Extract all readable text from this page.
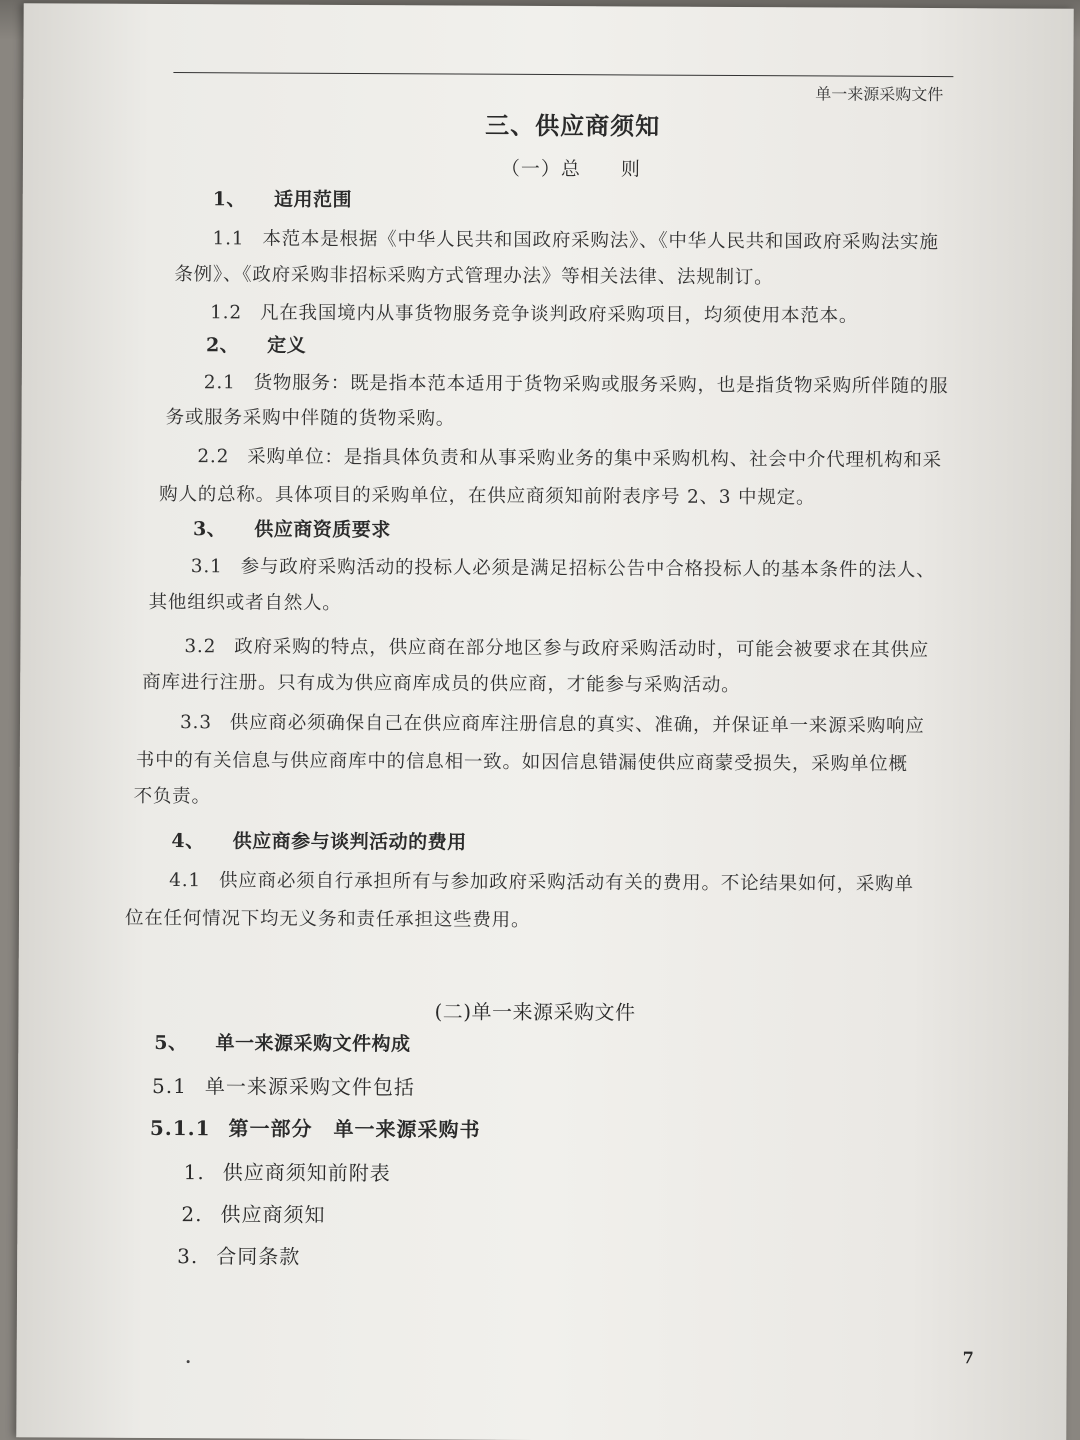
单一来源采购文件
三、供应商须知
（一）总　　则
1、 适用范围
1.1 本范本是根据《中华人民共和国政府采购法》、《中华人民共和国政府采购法实施
条例》、《政府采购非招标采购方式管理办法》等相关法律、法规制订。
1.2 凡在我国境内从事货物服务竞争谈判政府采购项目，均须使用本范本。
2、 定义
2.1 货物服务：既是指本范本适用于货物采购或服务采购，也是指货物采购所伴随的服
务或服务采购中伴随的货物采购。
2.2 采购单位：是指具体负责和从事采购业务的集中采购机构、社会中介代理机构和采
购人的总称。具体项目的采购单位，在供应商须知前附表序号 2、3 中规定。
3、 供应商资质要求
3.1 参与政府采购活动的投标人必须是满足招标公告中合格投标人的基本条件的法人、
其他组织或者自然人。
3.2 政府采购的特点，供应商在部分地区参与政府采购活动时，可能会被要求在其供应
商库进行注册。只有成为供应商库成员的供应商，才能参与采购活动。
3.3 供应商必须确保自己在供应商库注册信息的真实、准确，并保证单一来源采购响应
书中的有关信息与供应商库中的信息相一致。如因信息错漏使供应商蒙受损失，采购单位概
不负责。
4、 供应商参与谈判活动的费用
4.1 供应商必须自行承担所有与参加政府采购活动有关的费用。不论结果如何，采购单
位在任何情况下均无义务和责任承担这些费用。
(二)单一来源采购文件
5、 单一来源采购文件构成
5.1 单一来源采购文件包括
5.1.1 第一部分　单一来源采购书
1. 供应商须知前附表
2. 供应商须知
3. 合同条款
7
